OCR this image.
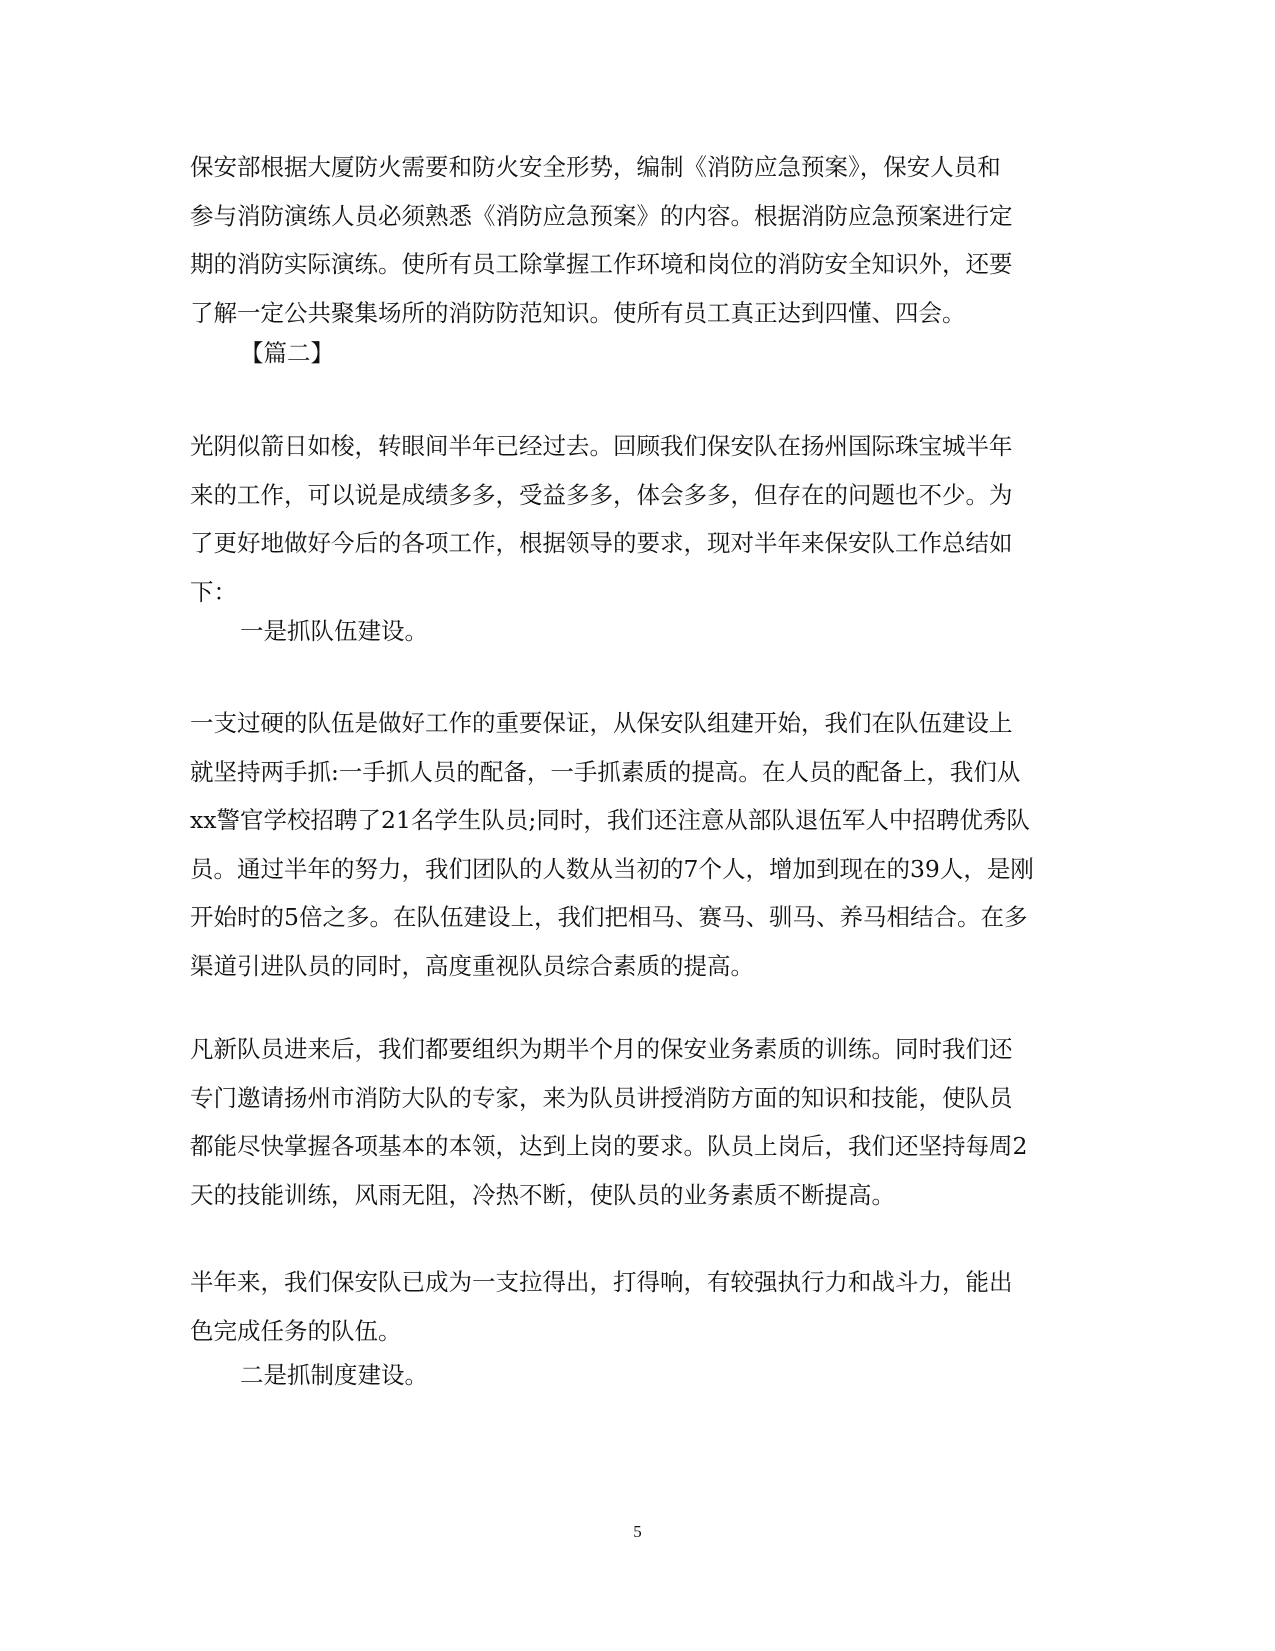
保安部根据大厦防火需要和防火安全形势，编制《消防应急预案》，保安人员和
参与消防演练人员必须熟悉《消防应急预案》的内容。根据消防应急预案进行定
期的消防实际演练。使所有员工除掌握工作环境和岗位的消防安全知识外，还要
了解一定公共聚集场所的消防防范知识。使所有员工真正达到四懂、四会。
【篇二】
光阴似箭日如梭，转眼间半年已经过去。回顾我们保安队在扬州国际珠宝城半年
来的工作，可以说是成绩多多，受益多多，体会多多，但存在的问题也不少。为
了更好地做好今后的各项工作，根据领导的要求，现对半年来保安队工作总结如
下：
一是抓队伍建设。
一支过硬的队伍是做好工作的重要保证，从保安队组建开始，我们在队伍建设上
就坚持两手抓:一手抓人员的配备，一手抓素质的提高。在人员的配备上，我们从
xx警官学校招聘了21名学生队员;同时，我们还注意从部队退伍军人中招聘优秀队
员。通过半年的努力，我们团队的人数从当初的7个人，增加到现在的39人，是刚
开始时的5倍之多。在队伍建设上，我们把相马、赛马、驯马、养马相结合。在多
渠道引进队员的同时，高度重视队员综合素质的提高。
凡新队员进来后，我们都要组织为期半个月的保安业务素质的训练。同时我们还
专门邀请扬州市消防大队的专家，来为队员讲授消防方面的知识和技能，使队员
都能尽快掌握各项基本的本领，达到上岗的要求。队员上岗后，我们还坚持每周2
天的技能训练，风雨无阻，冷热不断，使队员的业务素质不断提高。
半年来，我们保安队已成为一支拉得出，打得响，有较强执行力和战斗力，能出
色完成任务的队伍。
二是抓制度建设。
5
